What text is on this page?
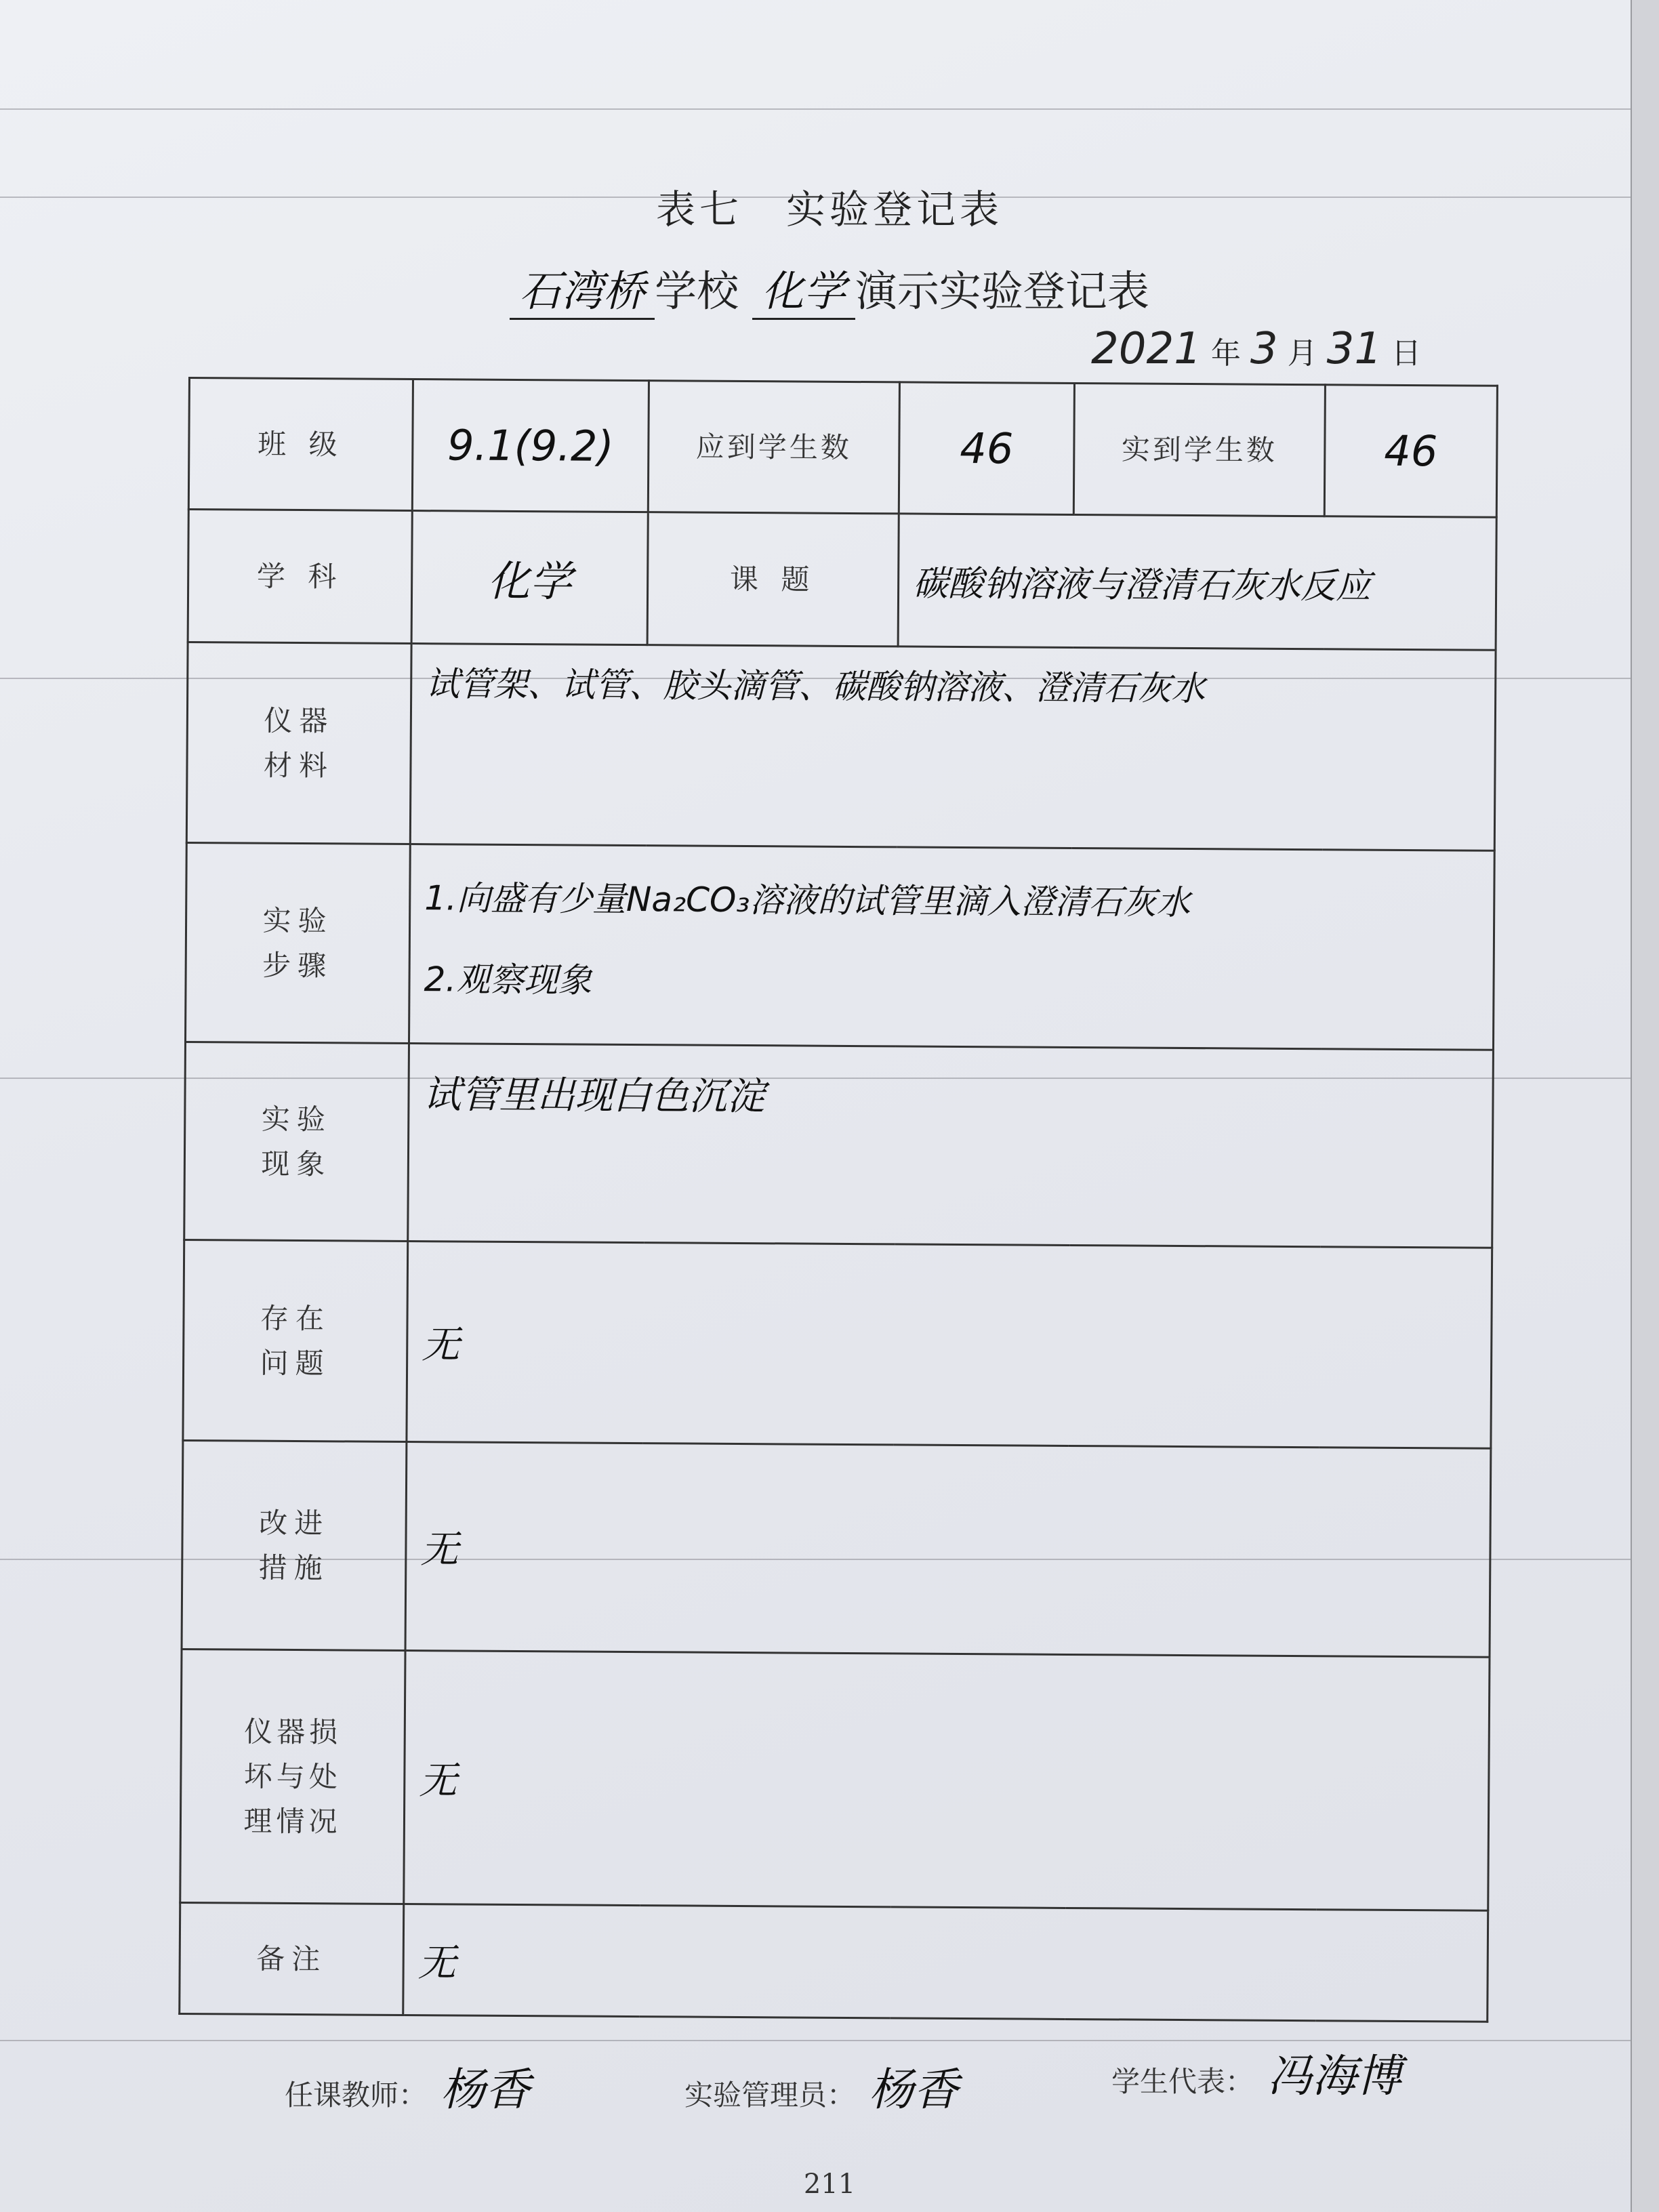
表七　实验登记表
石湾桥 学校 化学 演示实验登记表
2021 年 3 月 31 日
班 级	9.1(9.2)	应到学生数	46	实到学生数	46
学 科	化学	课 题	碳酸钠溶液与澄清石灰水反应		
仪器材料	试管架、试管、胶头滴管、碳酸钠溶液、澄清石灰水				
实验步骤	1.向盛有少量Na₂CO₃溶液的试管里滴入澄清石灰水
2.观察现象				

实验现象	试管里出现白色沉淀				
存在问题	无				
改进措施	无				
仪器损坏与处理情况	无				
备注	无				
任课教师： 杨香	实验管理员： 杨香	学生代表： 冯海博
211
